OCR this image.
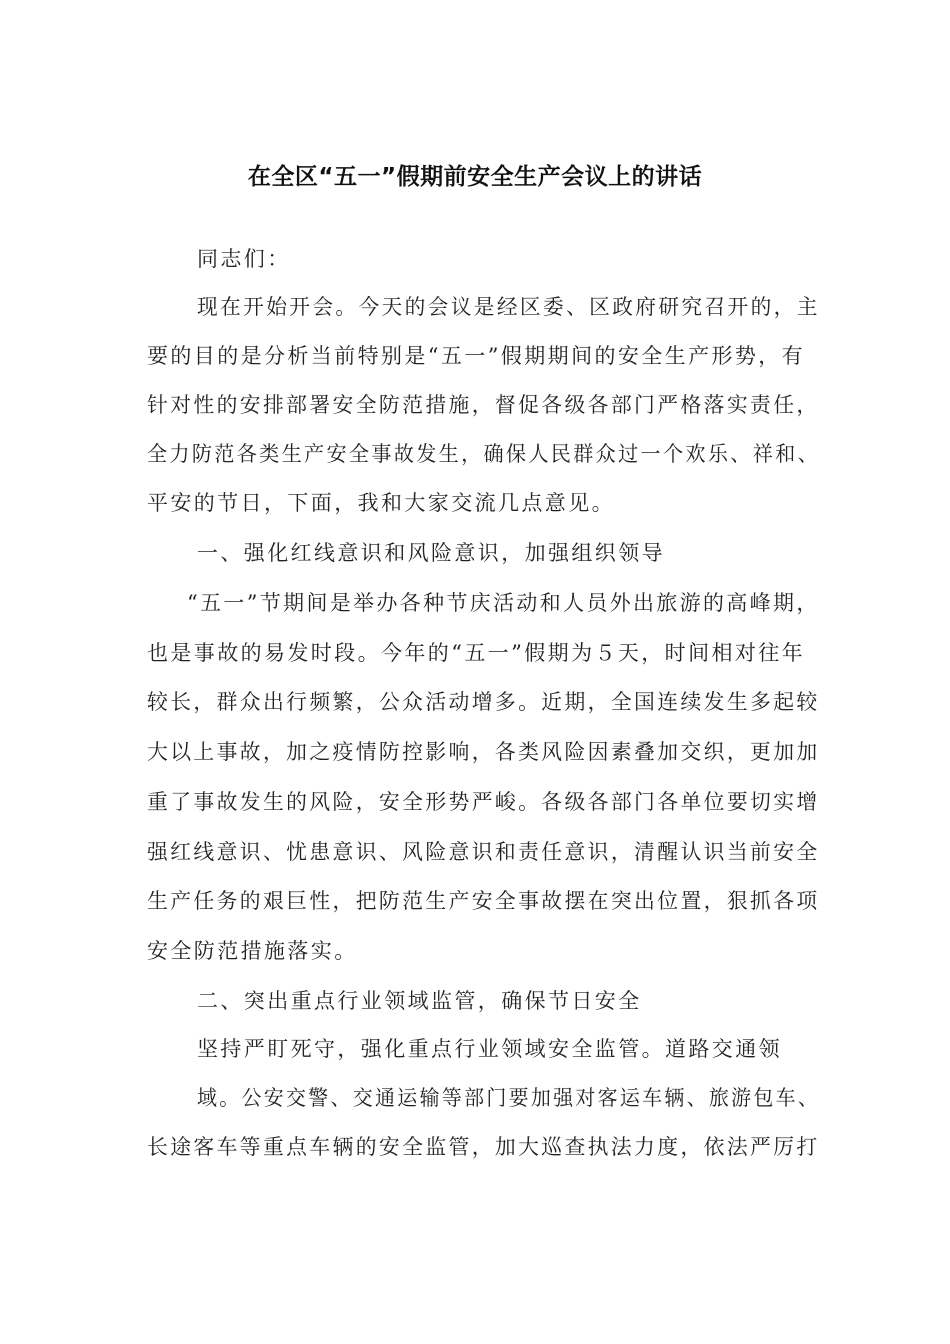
在全区“五一”假期前安全生产会议上的讲话
同志们：
现在开始开会。今天的会议是经区委、区政府研究召开的，主
要的目的是分析当前特别是“五一”假期期间的安全生产形势，有
针对性的安排部署安全防范措施，督促各级各部门严格落实责任，
全力防范各类生产安全事故发生，确保人民群众过一个欢乐、祥和、
平安的节日，下面，我和大家交流几点意见。
一、强化红线意识和风险意识，加强组织领导
“五一”节期间是举办各种节庆活动和人员外出旅游的高峰期，
也是事故的易发时段。今年的“五一”假期为５天，时间相对往年
较长，群众出行频繁，公众活动增多。近期，全国连续发生多起较
大以上事故，加之疫情防控影响，各类风险因素叠加交织，更加加
重了事故发生的风险，安全形势严峻。各级各部门各单位要切实增
强红线意识、忧患意识、风险意识和责任意识，清醒认识当前安全
生产任务的艰巨性，把防范生产安全事故摆在突出位置，狠抓各项
安全防范措施落实。
二、突出重点行业领域监管，确保节日安全
坚持严盯死守，强化重点行业领域安全监管。道路交通领
域。公安交警、交通运输等部门要加强对客运车辆、旅游包车、
长途客车等重点车辆的安全监管，加大巡查执法力度，依法严厉打
